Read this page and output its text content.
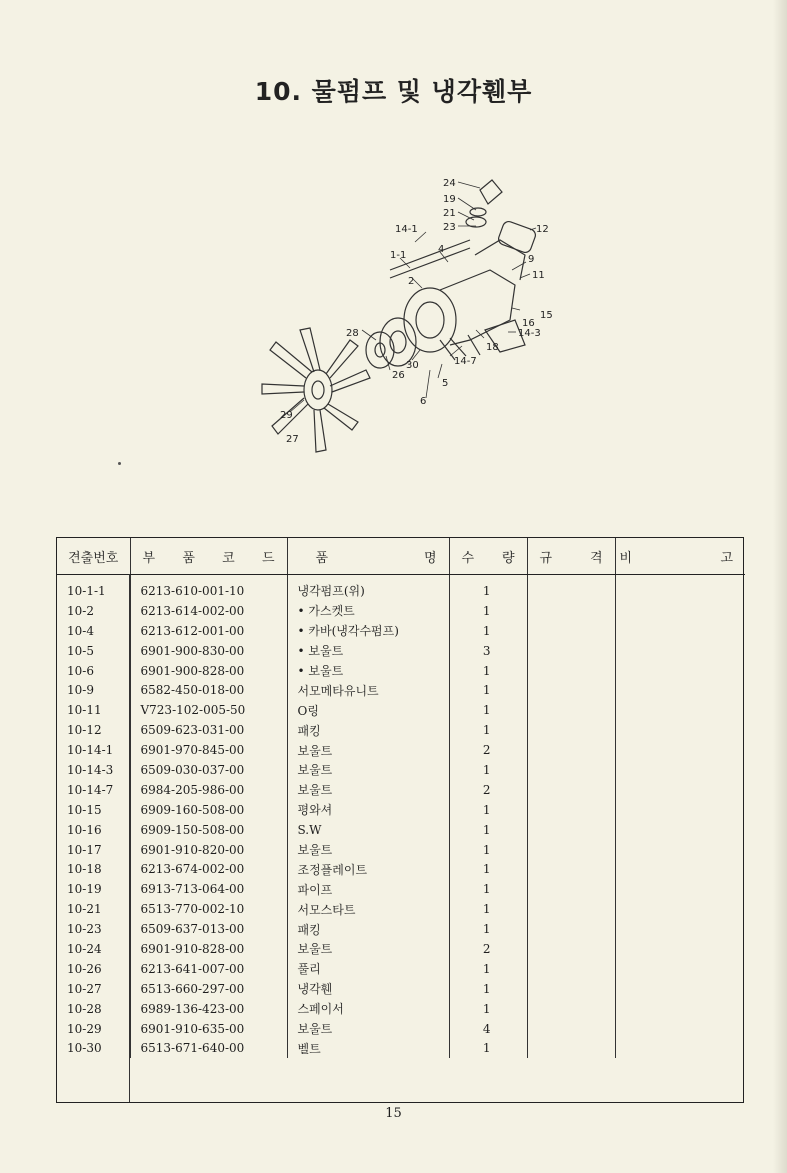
10. 물펌프 및 냉각휀부
24
19
21
23	12
14-1
1-1
4
9
11
2
16
15
14-3
28
30
18
14-7
26
5
6
29
27
견출번호	부 품 코 드	품 명	수 량	규 격	비 고

10-1-1	6213-610-001-10	냉각펌프(위)	1		
10-2	6213-614-002-00	• 가스켓트	1		
10-4	6213-612-001-00	• 카바(냉각수펌프)	1		
10-5	6901-900-830-00	• 보울트	3		
10-6	6901-900-828-00	• 보울트	1		
10-9	6582-450-018-00	서모메타유니트	1		
10-11	V723-102-005-50	O링	1		
10-12	6509-623-031-00	패킹	1		
10-14-1	6901-970-845-00	보울트	2		
10-14-3	6509-030-037-00	보울트	1		
10-14-7	6984-205-986-00	보울트	2		
10-15	6909-160-508-00	평와셔	1		
10-16	6909-150-508-00	S.W	1		
10-17	6901-910-820-00	보울트	1		
10-18	6213-674-002-00	조정플레이트	1		
10-19	6913-713-064-00	파이프	1		
10-21	6513-770-002-10	서모스타트	1		
10-23	6509-637-013-00	패킹	1		
10-24	6901-910-828-00	보울트	2		
10-26	6213-641-007-00	풀리	1		
10-27	6513-660-297-00	냉각휀	1		
10-28	6989-136-423-00	스페이서	1		
10-29	6901-910-635-00	보울트	4		
10-30	6513-671-640-00	벨트	1		
15
